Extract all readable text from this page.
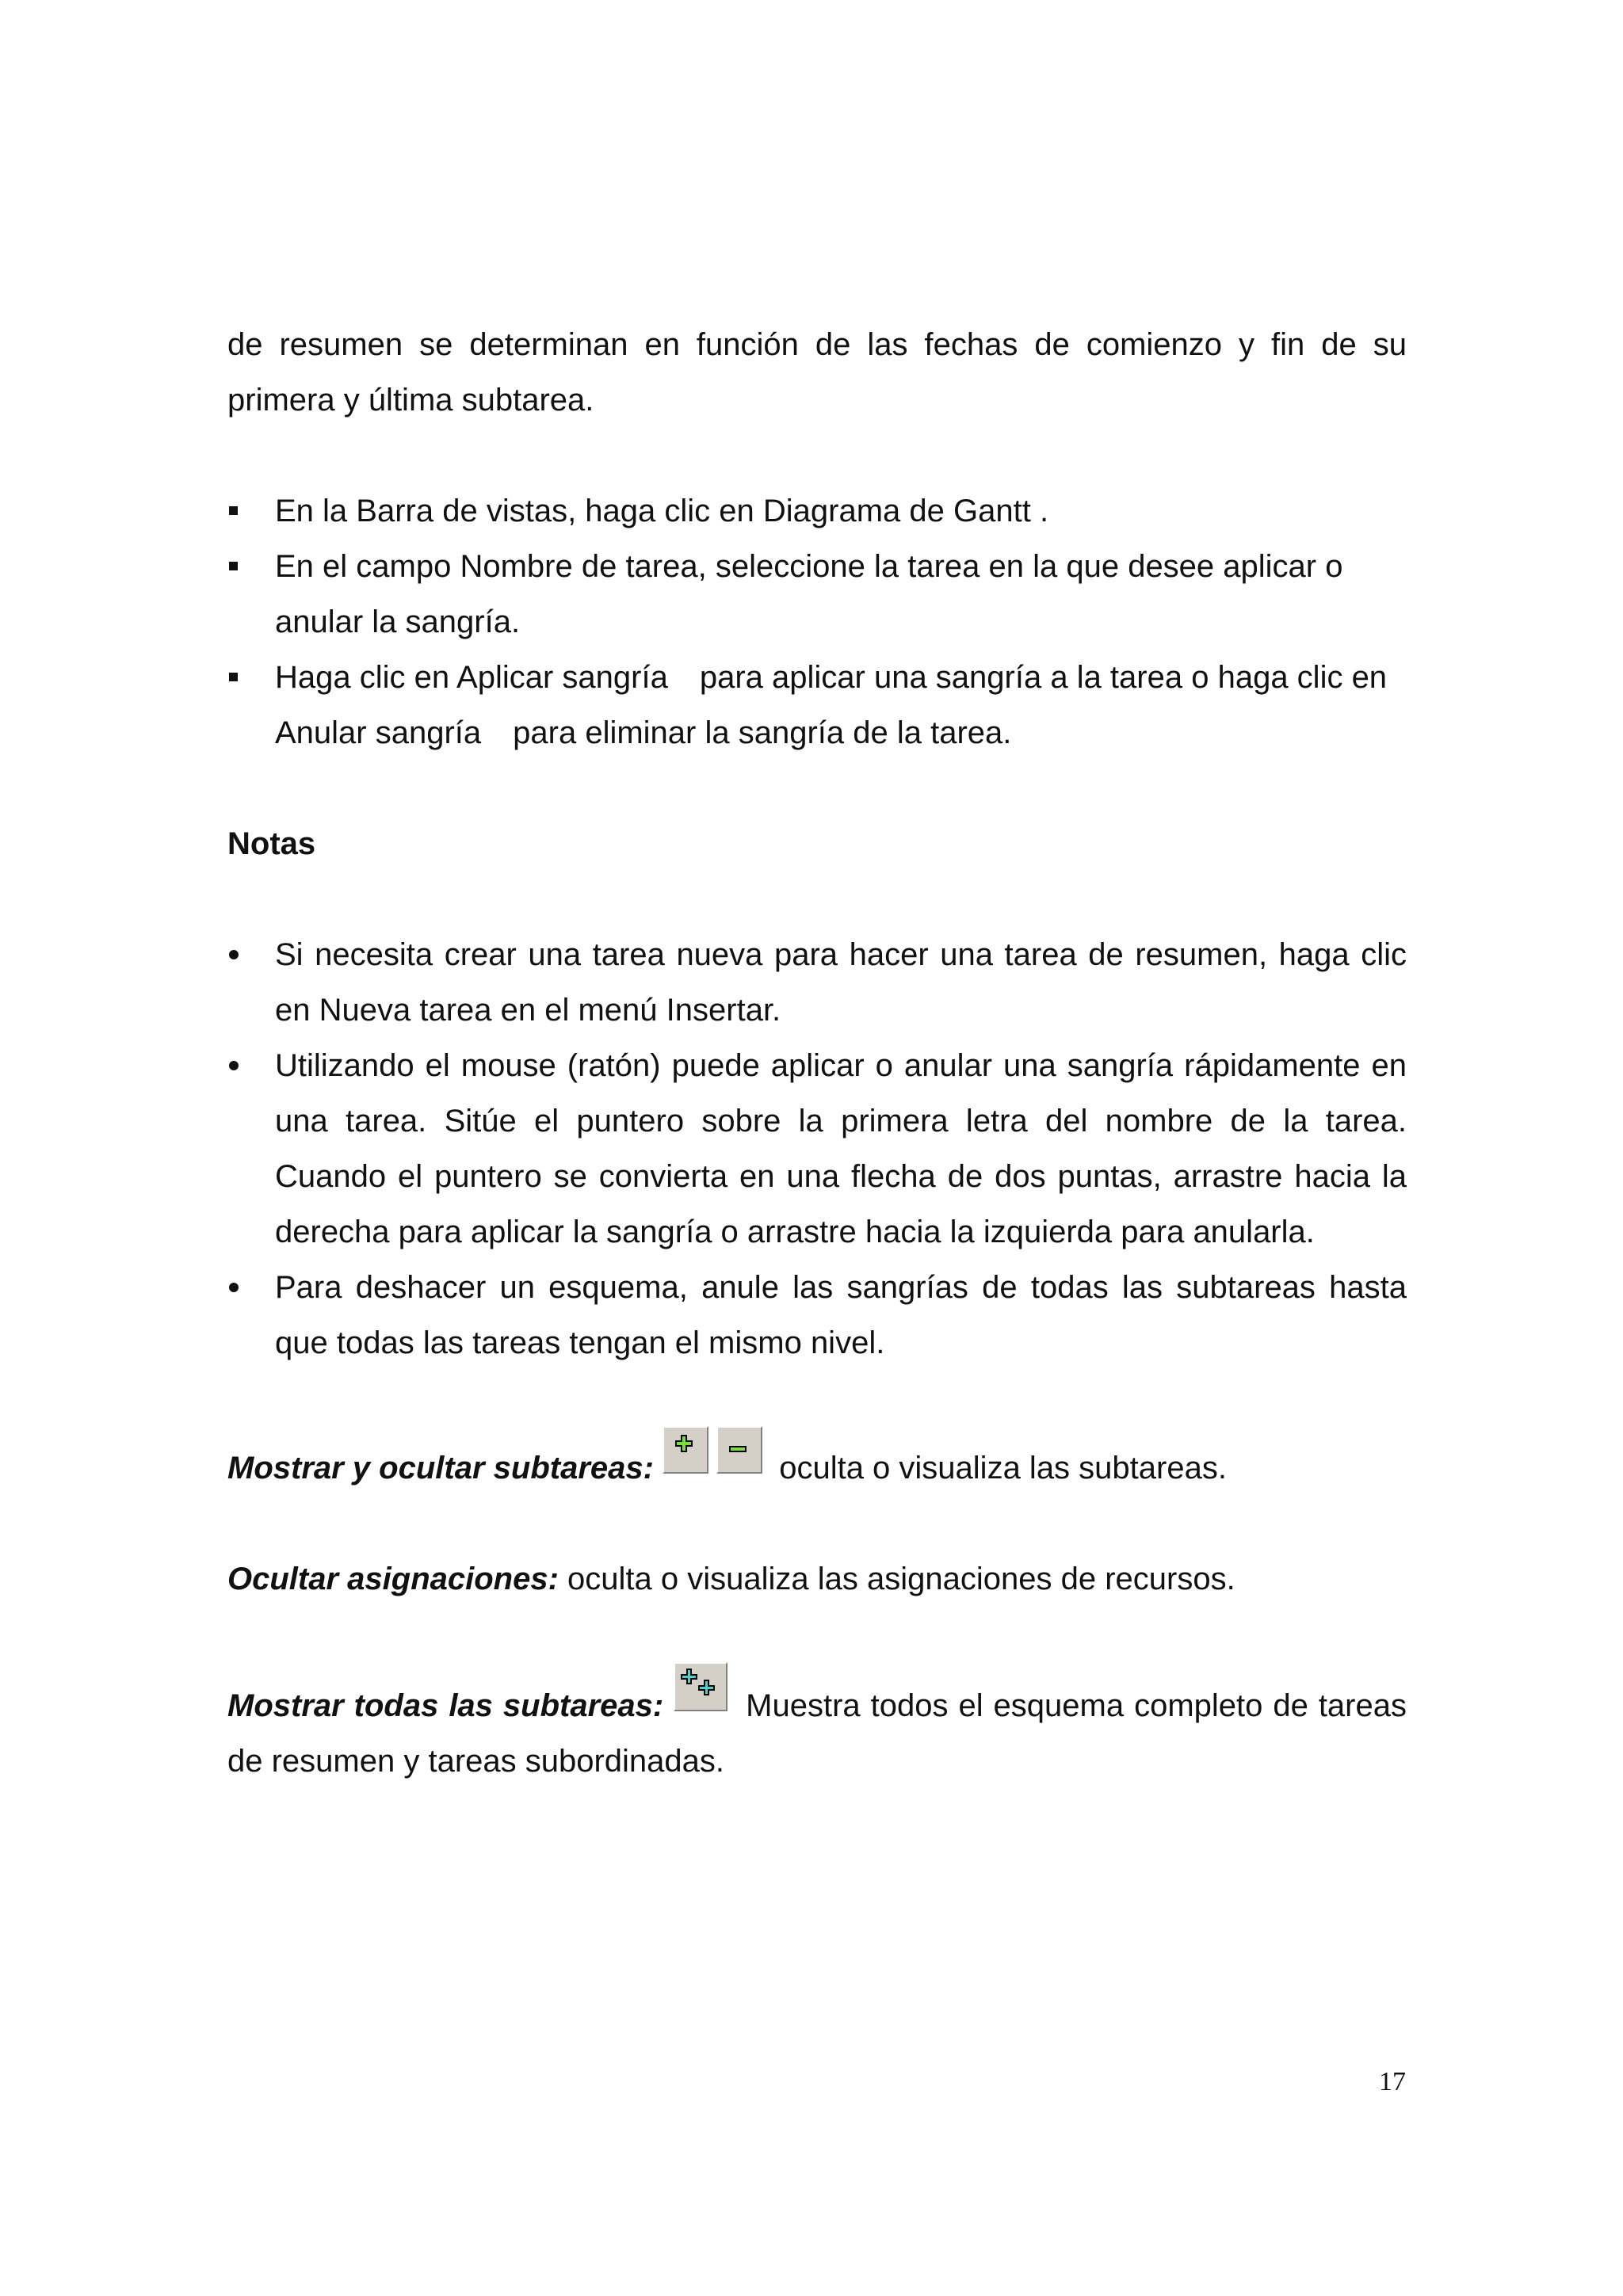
de resumen se determinan en función de las fechas de comienzo y fin de su primera y última subtarea.

En la Barra de vistas, haga clic en Diagrama de Gantt .
En el campo Nombre de tarea, seleccione la tarea en la que desee aplicar o anular la sangría.
Haga clic en Aplicar sangría para aplicar una sangría a la tarea o haga clic en Anular sangría para eliminar la sangría de la tarea.

Notas

Si necesita crear una tarea nueva para hacer una tarea de resumen, haga clic en Nueva tarea en el menú Insertar.
Utilizando el mouse (ratón) puede aplicar o anular una sangría rápidamente en una tarea. Sitúe el puntero sobre la primera letra del nombre de la tarea. Cuando el puntero se convierta en una flecha de dos puntas, arrastre hacia la derecha para aplicar la sangría o arrastre hacia la izquierda para anularla.
Para deshacer un esquema, anule las sangrías de todas las subtareas hasta que todas las tareas tengan el mismo nivel.

Mostrar y ocultar subtareas:	oculta o visualiza las subtareas.

Ocultar asignaciones: oculta o visualiza las asignaciones de recursos.

Mostrar todas las subtareas:	Muestra todos el esquema completo de tareas de resumen y tareas subordinadas.

17
